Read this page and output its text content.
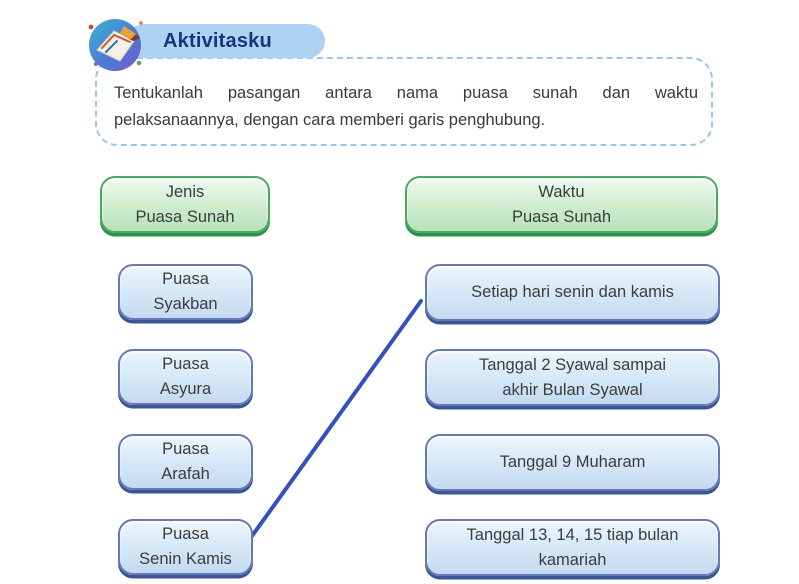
Aktivitasku
Tentukanlah pasangan antara nama puasa sunah dan waktu
pelaksanaannya, dengan cara memberi garis penghubung.
Jenis
Puasa Sunah
Waktu
Puasa Sunah
Puasa
Syakban
Puasa
Asyura
Puasa
Arafah
Puasa
Senin Kamis
Setiap hari senin dan kamis
Tanggal 2 Syawal sampai
akhir Bulan Syawal
Tanggal 9 Muharam
Tanggal 13, 14, 15 tiap bulan
kamariah
